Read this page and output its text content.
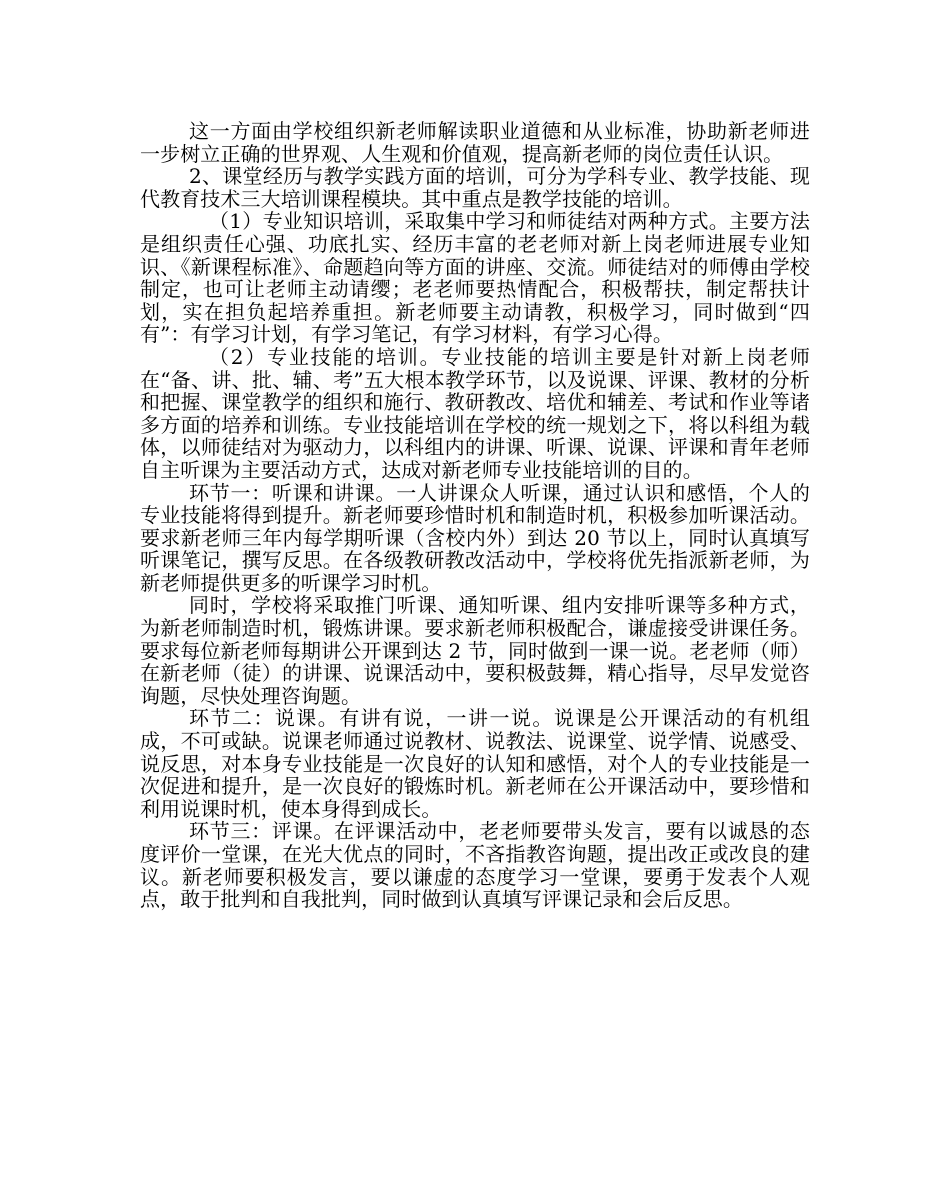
这一方面由学校组织新老师解读职业道德和从业标准，协助新老师进一步树立正确的世界观、人生观和价值观，提高新老师的岗位责任认识。

2、课堂经历与教学实践方面的培训，可分为学科专业、教学技能、现代教育技术三大培训课程模块。其中重点是教学技能的培训。

（1）专业知识培训，采取集中学习和师徒结对两种方式。主要方法是组织责任心强、功底扎实、经历丰富的老老师对新上岗老师进展专业知识、《新课程标准》、命题趋向等方面的讲座、交流。师徒结对的师傅由学校制定，也可让老师主动请缨；老老师要热情配合，积极帮扶，制定帮扶计划，实在担负起培养重担。新老师要主动请教，积极学习，同时做到“四有”：有学习计划，有学习笔记，有学习材料，有学习心得。

（2）专业技能的培训。专业技能的培训主要是针对新上岗老师在“备、讲、批、辅、考”五大根本教学环节，以及说课、评课、教材的分析和把握、课堂教学的组织和施行、教研教改、培优和辅差、考试和作业等诸多方面的培养和训练。专业技能培训在学校的统一规划之下，将以科组为载体，以师徒结对为驱动力，以科组内的讲课、听课、说课、评课和青年老师自主听课为主要活动方式，达成对新老师专业技能培训的目的。

环节一：听课和讲课。一人讲课众人听课，通过认识和感悟，个人的专业技能将得到提升。新老师要珍惜时机和制造时机，积极参加听课活动。要求新老师三年内每学期听课（含校内外）到达 20 节以上，同时认真填写听课笔记，撰写反思。在各级教研教改活动中，学校将优先指派新老师，为新老师提供更多的听课学习时机。

同时，学校将采取推门听课、通知听课、组内安排听课等多种方式，为新老师制造时机，锻炼讲课。要求新老师积极配合，谦虚接受讲课任务。要求每位新老师每期讲公开课到达 2 节，同时做到一课一说。老老师（师）在新老师（徒）的讲课、说课活动中，要积极鼓舞，精心指导，尽早发觉咨询题，尽快处理咨询题。

环节二：说课。有讲有说，一讲一说。说课是公开课活动的有机组成，不可或缺。说课老师通过说教材、说教法、说课堂、说学情、说感受、说反思，对本身专业技能是一次良好的认知和感悟，对个人的专业技能是一次促进和提升，是一次良好的锻炼时机。新老师在公开课活动中，要珍惜和利用说课时机，使本身得到成长。

环节三：评课。在评课活动中，老老师要带头发言，要有以诚恳的态度评价一堂课，在光大优点的同时，不吝指教咨询题，提出改正或改良的建议。新老师要积极发言，要以谦虚的态度学习一堂课，要勇于发表个人观点，敢于批判和自我批判，同时做到认真填写评课记录和会后反思。
